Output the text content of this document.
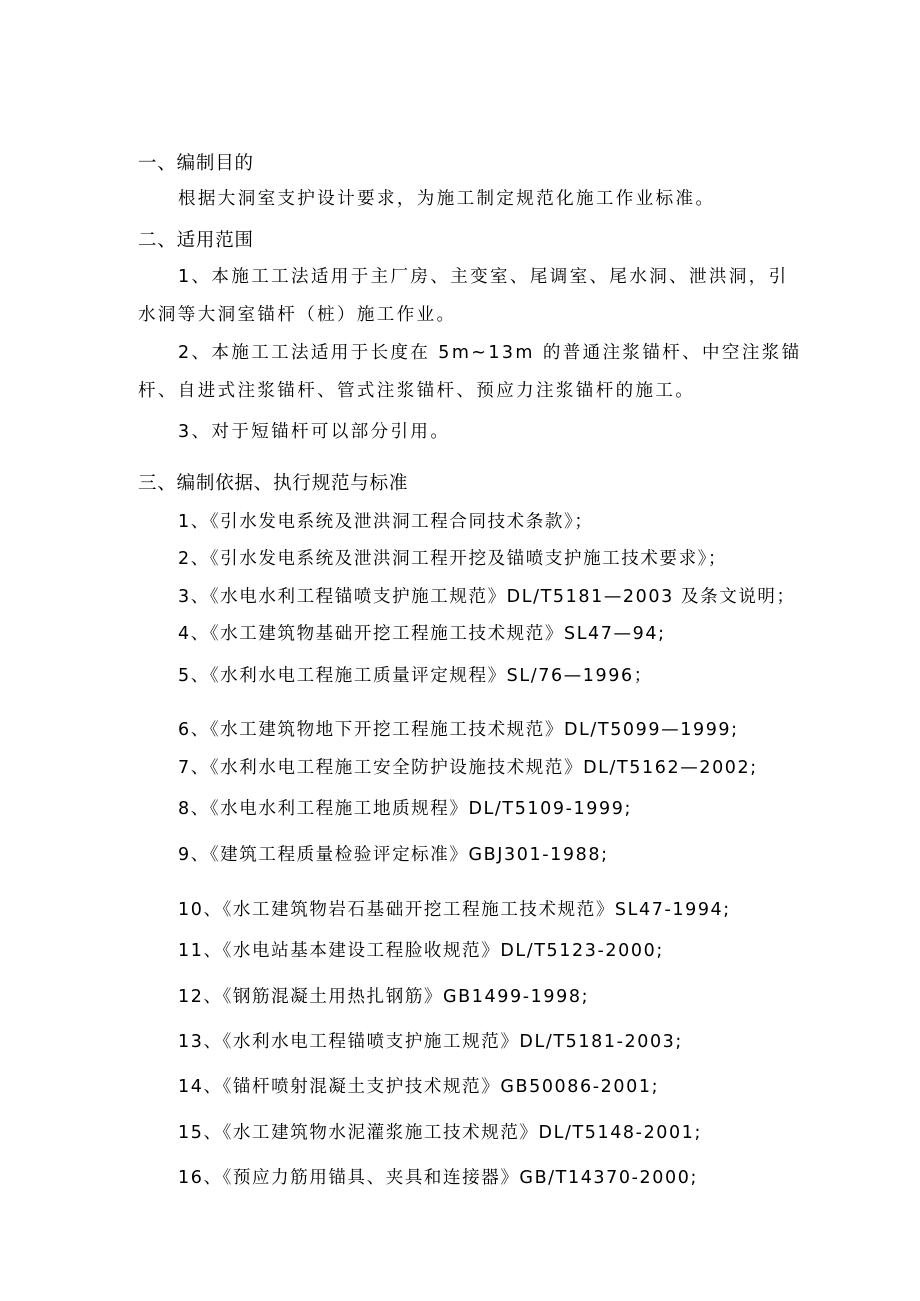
一、编制目的
根据大洞室支护设计要求，为施工制定规范化施工作业标准。
二、适用范围
1、本施工工法适用于主厂房、主变室、尾调室、尾水洞、泄洪洞，引
水洞等大洞室锚杆（桩）施工作业。
2、本施工工法适用于长度在 5m~13m 的普通注浆锚杆、中空注浆锚
杆、自进式注浆锚杆、管式注浆锚杆、预应力注浆锚杆的施工。
3、对于短锚杆可以部分引用。
三、编制依据、执行规范与标准
1、《引水发电系统及泄洪洞工程合同技术条款》；
2、《引水发电系统及泄洪洞工程开挖及锚喷支护施工技术要求》；
3、《水电水利工程锚喷支护施工规范》DL/T5181—2003 及条文说明；
4、《水工建筑物基础开挖工程施工技术规范》SL47—94;
5、《水利水电工程施工质量评定规程》SL/76—1996；
6、《水工建筑物地下开挖工程施工技术规范》DL/T5099—1999;
7、《水利水电工程施工安全防护设施技术规范》DL/T5162—2002;
8、《水电水利工程施工地质规程》DL/T5109-1999;
9、《建筑工程质量检验评定标准》GBJ301-1988;
10、《水工建筑物岩石基础开挖工程施工技术规范》SL47-1994;
11、《水电站基本建设工程脸收规范》DL/T5123-2000;
12、《钢筋混凝土用热扎钢筋》GB1499-1998;
13、《水利水电工程锚喷支护施工规范》DL/T5181-2003;
14、《锚杆喷射混凝土支护技术规范》GB50086-2001;
15、《水工建筑物水泥灌浆施工技术规范》DL/T5148-2001;
16、《预应力筋用锚具、夹具和连接器》GB/T14370-2000;
